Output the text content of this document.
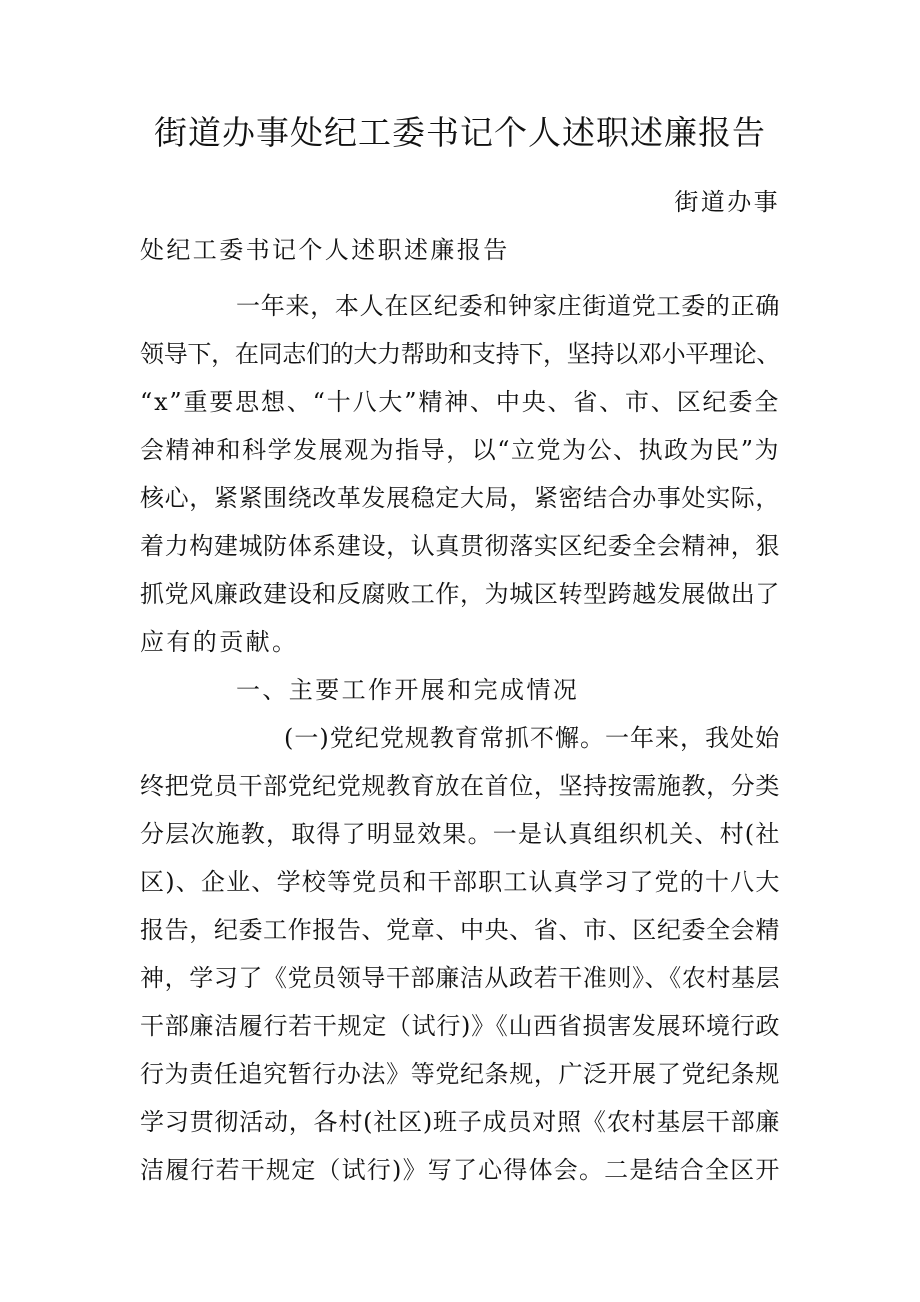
街道办事处纪工委书记个人述职述廉报告
街道办事
处纪工委书记个人述职述廉报告
一年来，本人在区纪委和钟家庄街道党工委的正确
领导下，在同志们的大力帮助和支持下，坚持以邓小平理论、
“x”重要思想、“十八大”精神、中央、省、市、区纪委全
会精神和科学发展观为指导，以“立党为公、执政为民”为
核心，紧紧围绕改革发展稳定大局，紧密结合办事处实际，
着力构建城防体系建设，认真贯彻落实区纪委全会精神，狠
抓党风廉政建设和反腐败工作，为城区转型跨越发展做出了
应有的贡献。
一、主要工作开展和完成情况
(一)党纪党规教育常抓不懈。一年来，我处始
终把党员干部党纪党规教育放在首位，坚持按需施教，分类
分层次施教，取得了明显效果。一是认真组织机关、村(社
区)、企业、学校等党员和干部职工认真学习了党的十八大
报告，纪委工作报告、党章、中央、省、市、区纪委全会精
神，学习了《党员领导干部廉洁从政若干准则》、《农村基层
干部廉洁履行若干规定（试行)》《山西省损害发展环境行政
行为责任追究暂行办法》等党纪条规，广泛开展了党纪条规
学习贯彻活动，各村(社区)班子成员对照《农村基层干部廉
洁履行若干规定（试行)》写了心得体会。二是结合全区开
